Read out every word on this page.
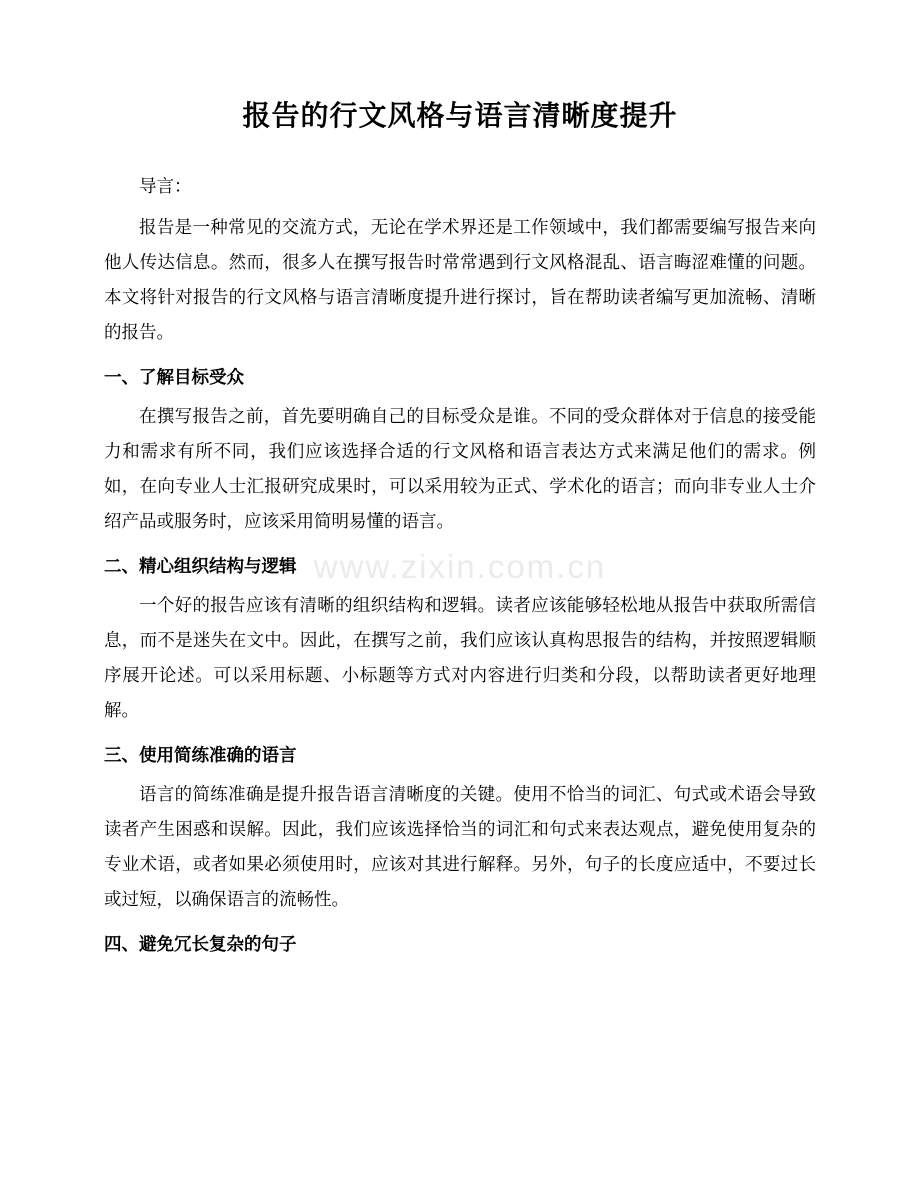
www.zixin.com.cn
报告的行文风格与语言清晰度提升

导言：

报告是一种常见的交流方式，无论在学术界还是工作领域中，我们都需要编写报告来向他人传达信息。然而，很多人在撰写报告时常常遇到行文风格混乱、语言晦涩难懂的问题。本文将针对报告的行文风格与语言清晰度提升进行探讨，旨在帮助读者编写更加流畅、清晰的报告。

一、了解目标受众

在撰写报告之前，首先要明确自己的目标受众是谁。不同的受众群体对于信息的接受能力和需求有所不同，我们应该选择合适的行文风格和语言表达方式来满足他们的需求。例如，在向专业人士汇报研究成果时，可以采用较为正式、学术化的语言；而向非专业人士介绍产品或服务时，应该采用简明易懂的语言。

二、精心组织结构与逻辑

一个好的报告应该有清晰的组织结构和逻辑。读者应该能够轻松地从报告中获取所需信息，而不是迷失在文中。因此，在撰写之前，我们应该认真构思报告的结构，并按照逻辑顺序展开论述。可以采用标题、小标题等方式对内容进行归类和分段，以帮助读者更好地理解。

三、使用简练准确的语言

语言的简练准确是提升报告语言清晰度的关键。使用不恰当的词汇、句式或术语会导致读者产生困惑和误解。因此，我们应该选择恰当的词汇和句式来表达观点，避免使用复杂的专业术语，或者如果必须使用时，应该对其进行解释。另外，句子的长度应适中，不要过长或过短，以确保语言的流畅性。

四、避免冗长复杂的句子
